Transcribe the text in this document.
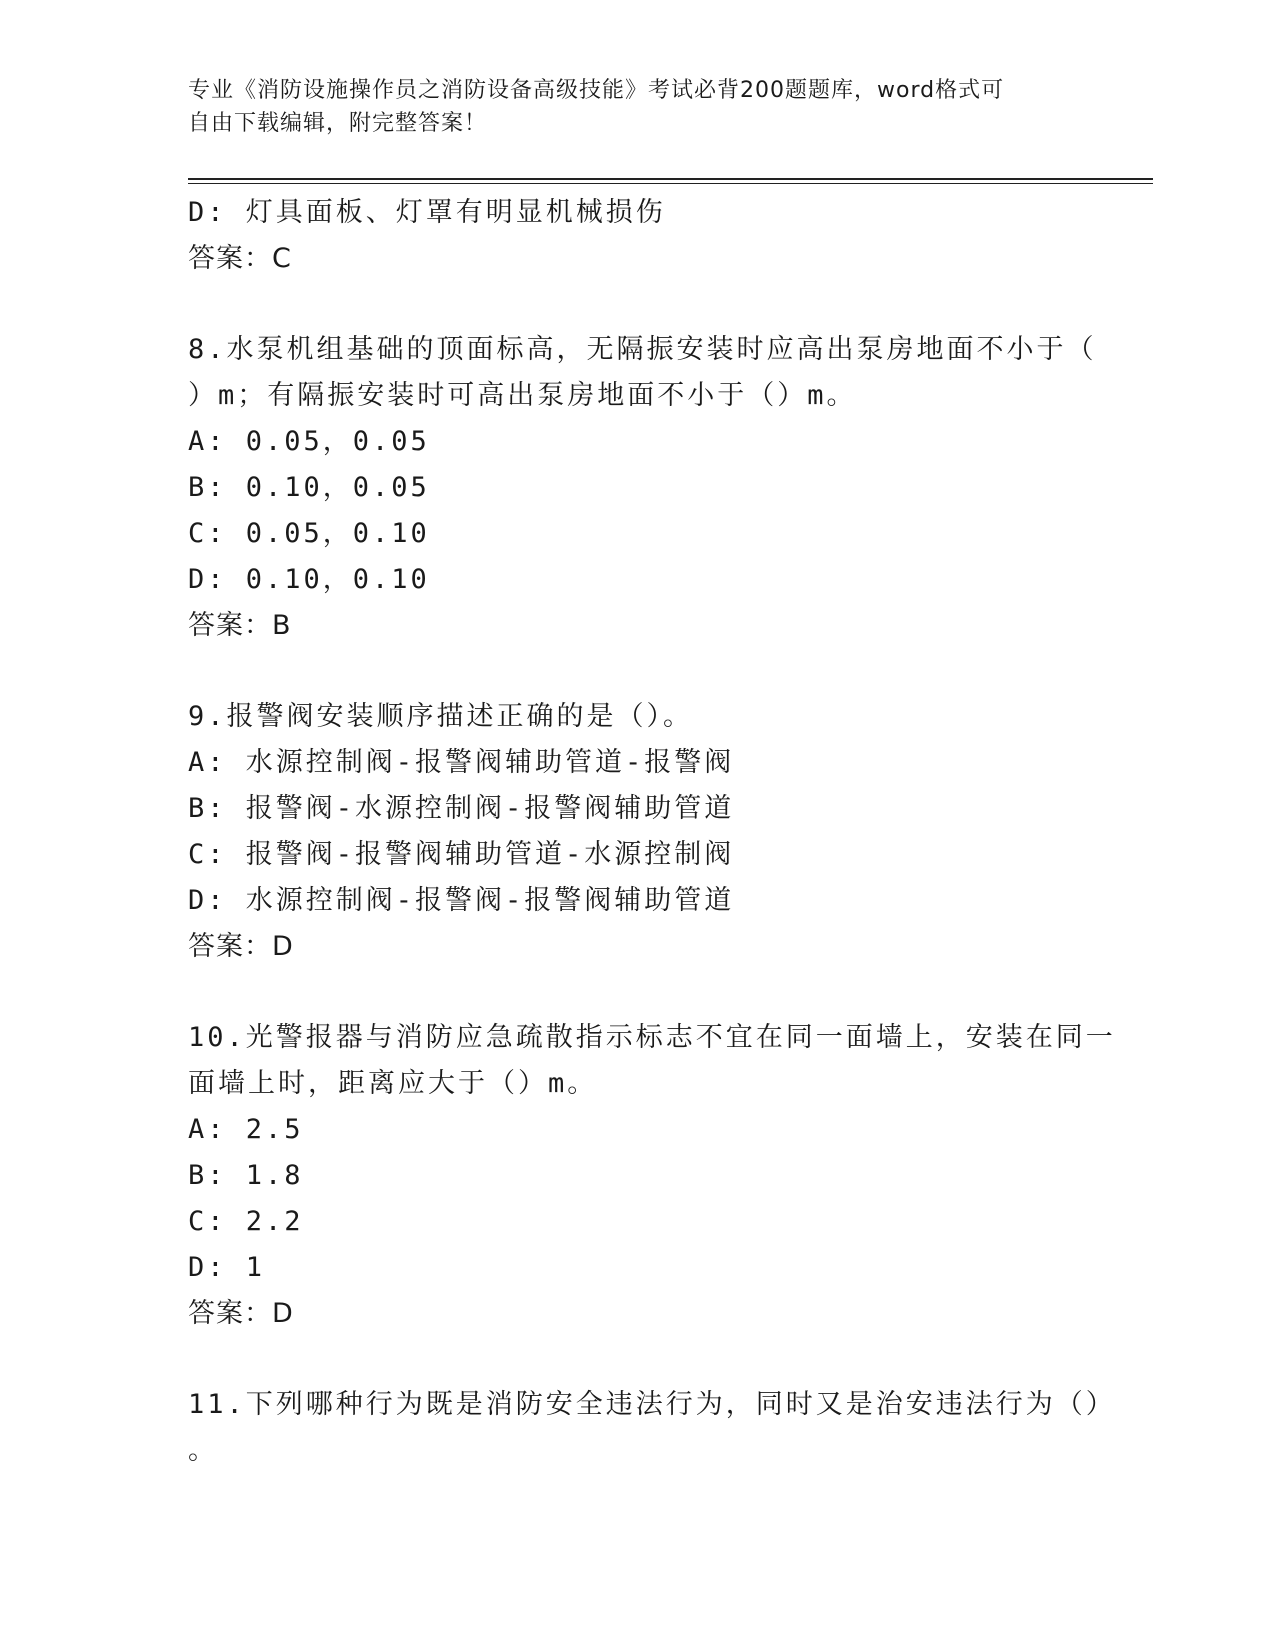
专业《消防设施操作员之消防设备高级技能》考试必背200题题库，word格式可
自由下载编辑，附完整答案！
D: 灯具面板、灯罩有明显机械损伤
答案：C
8.水泵机组基础的顶面标高，无隔振安装时应高出泵房地面不小于（
）m；有隔振安装时可高出泵房地面不小于（）m。
A: 0.05，0.05
B: 0.10，0.05
C: 0.05，0.10
D: 0.10，0.10
答案：B
9.报警阀安装顺序描述正确的是（）。
A: 水源控制阀-报警阀辅助管道-报警阀
B: 报警阀-水源控制阀-报警阀辅助管道
C: 报警阀-报警阀辅助管道-水源控制阀
D: 水源控制阀-报警阀-报警阀辅助管道
答案：D
10.光警报器与消防应急疏散指示标志不宜在同一面墙上，安装在同一
面墙上时，距离应大于（）m。
A: 2.5
B: 1.8
C: 2.2
D: 1
答案：D
11.下列哪种行为既是消防安全违法行为，同时又是治安违法行为（）
。
